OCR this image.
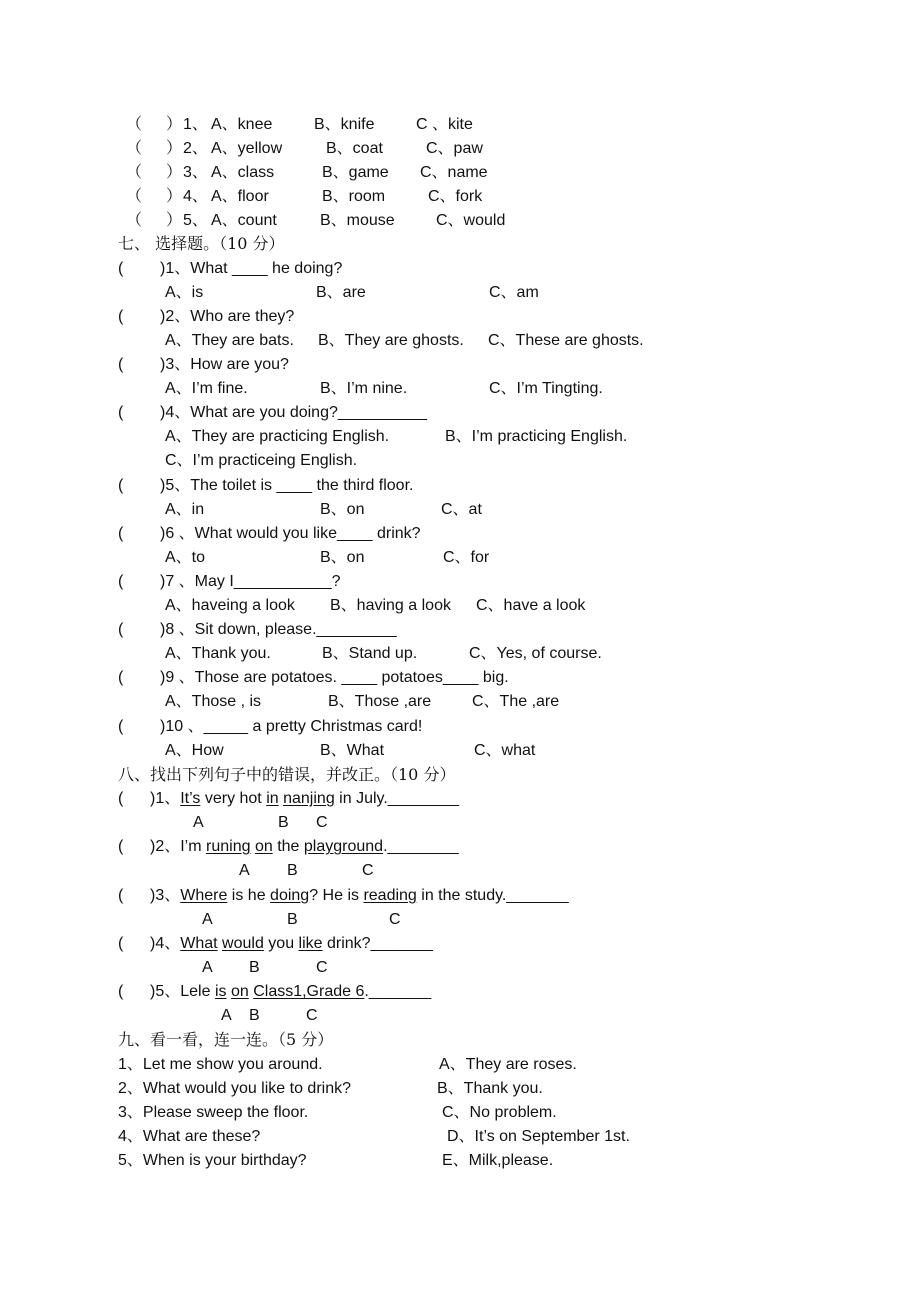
（ ） 1、 A、knee	B、knife	C 、kite
（ ） 2、 A、yellow	B、coat	C、paw
（ ） 3、 A、class	B、game C、name
（ ） 4、 A、floor	B、room	C、fork
（ ） 5、 A、count	B、mouse	C、would
七、 选择题。（10 分）
( )1、What ____ he doing?
A、is	B、are	C、am
( )2、Who are they?
A、They are bats. B、They are ghosts. C、These are ghosts.
( )3、How are you?
A、I’m fine.	B、I’m nine.	C、I’m Tingting.
( )4、What are you doing?__________
A、They are practicing English.	B、I’m practicing English.
C、I’m practiceing English.
( )5、The toilet is ____ the third floor.
A、in	B、on	C、at
( )6 、What would you like____ drink?
A、to	B、on	C、for
( )7 、May I___________?
A、haveing a look B、having a look C、have a look
( )8 、Sit down, please._________
A、Thank you.	B、Stand up.	C、Yes, of course.
( )9 、Those are potatoes. ____ potatoes____ big.
A、Those , is	B、Those ,are	C、The ,are
( )10 、_____ a pretty Christmas card!
A、How	B、What	C、what
八、找出下列句子中的错误，并改正。（10 分）
( )1、It’s very hot in nanjing in July.________
A	B C
( )2、I’m runing on the playground.________
A B	C
( )3、Where is he doing? He is reading in the study._______
A	B	C
( )4、What would you like drink?_______
A B	C
( )5、Lele is on Class1,Grade 6._______
A B	C
九、看一看，连一连。（5 分）
1、Let me show you around.	A、They are roses.
2、What would you like to drink?	B、Thank you.
3、Please sweep the floor.	C、No problem.
4、What are these?	D、It’s on September 1st.
5、When is your birthday?	E、Milk,please.
